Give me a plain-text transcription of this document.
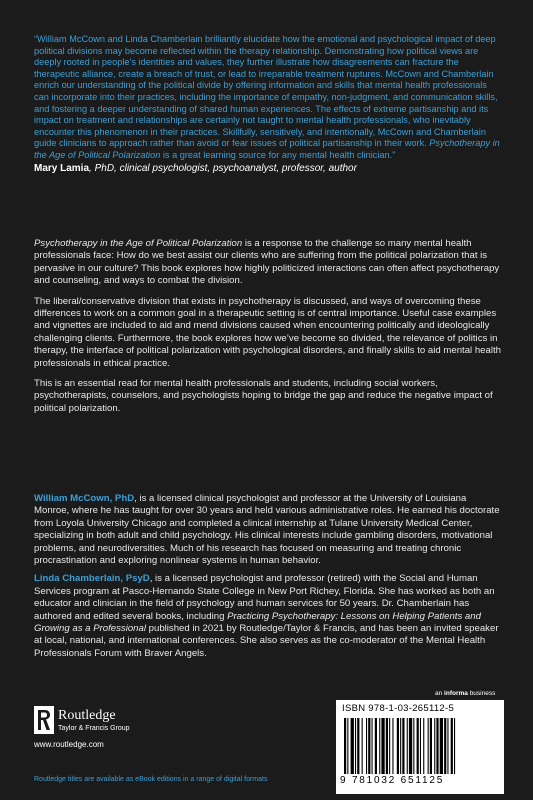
“William McCown and Linda Chamberlain brilliantly elucidate how the emotional and psychological impact of deep political divisions may become reflected within the therapy relationship. Demonstrating how political views are deeply rooted in people’s identities and values, they further illustrate how disagreements can fracture the therapeutic alliance, create a breach of trust, or lead to irreparable treatment ruptures. McCown and Chamberlain enrich our understanding of the political divide by offering information and skills that mental health professionals can incorporate into their practices, including the importance of empathy, non-judgment, and communication skills, and fostering a deeper understanding of shared human experiences. The effects of extreme partisanship and its impact on treatment and relationships are certainly not taught to mental health professionals, who inevitably encounter this phenomenon in their practices. Skillfully, sensitively, and intentionally, McCown and Chamberlain guide clinicians to approach rather than avoid or fear issues of political partisanship in their work. Psychotherapy in the Age of Political Polarization is a great learning source for any mental health clinician.”
Mary Lamia, PhD, clinical psychologist, psychoanalyst, professor, author

Psychotherapy in the Age of Political Polarization is a response to the challenge so many mental health professionals face: How do we best assist our clients who are suffering from the political polarization that is pervasive in our culture? This book explores how highly politicized interactions can often affect psychotherapy and counseling, and ways to combat the division.

The liberal/conservative division that exists in psychotherapy is discussed, and ways of overcoming these differences to work on a common goal in a therapeutic setting is of central importance. Useful case examples and vignettes are included to aid and mend divisions caused when encountering politically and ideologically challenging clients. Furthermore, the book explores how we’ve become so divided, the relevance of politics in therapy, the interface of political polarization with psychological disorders, and finally skills to aid mental health professionals in ethical practice.

This is an essential read for mental health professionals and students, including social workers, psychotherapists, counselors, and psychologists hoping to bridge the gap and reduce the negative impact of political polarization.

William McCown, PhD, is a licensed clinical psychologist and professor at the University of Louisiana Monroe, where he has taught for over 30 years and held various administrative roles. He earned his doctorate from Loyola University Chicago and completed a clinical internship at Tulane University Medical Center, specializing in both adult and child psychology. His clinical interests include gambling disorders, motivational problems, and neurodiversities. Much of his research has focused on measuring and treating chronic procrastination and exploring nonlinear systems in human behavior.

Linda Chamberlain, PsyD, is a licensed psychologist and professor (retired) with the Social and Human Services program at Pasco-Hernando State College in New Port Richey, Florida. She has worked as both an educator and clinician in the field of psychology and human services for 50 years. Dr. Chamberlain has authored and edited several books, including Practicing Psychotherapy: Lessons on Helping Patients and Growing as a Professional published in 2021 by Routledge/Taylor & Francis, and has been an invited speaker at local, national, and international conferences. She also serves as the co-moderator of the Mental Health Professionals Forum with Braver Angels.

an informa business
Routledge
Taylor & Francis Group
www.routledge.com
Routledge titles are available as eBook editions in a range of digital formats
ISBN 978-1-03-265112-5
9 781032 651125
